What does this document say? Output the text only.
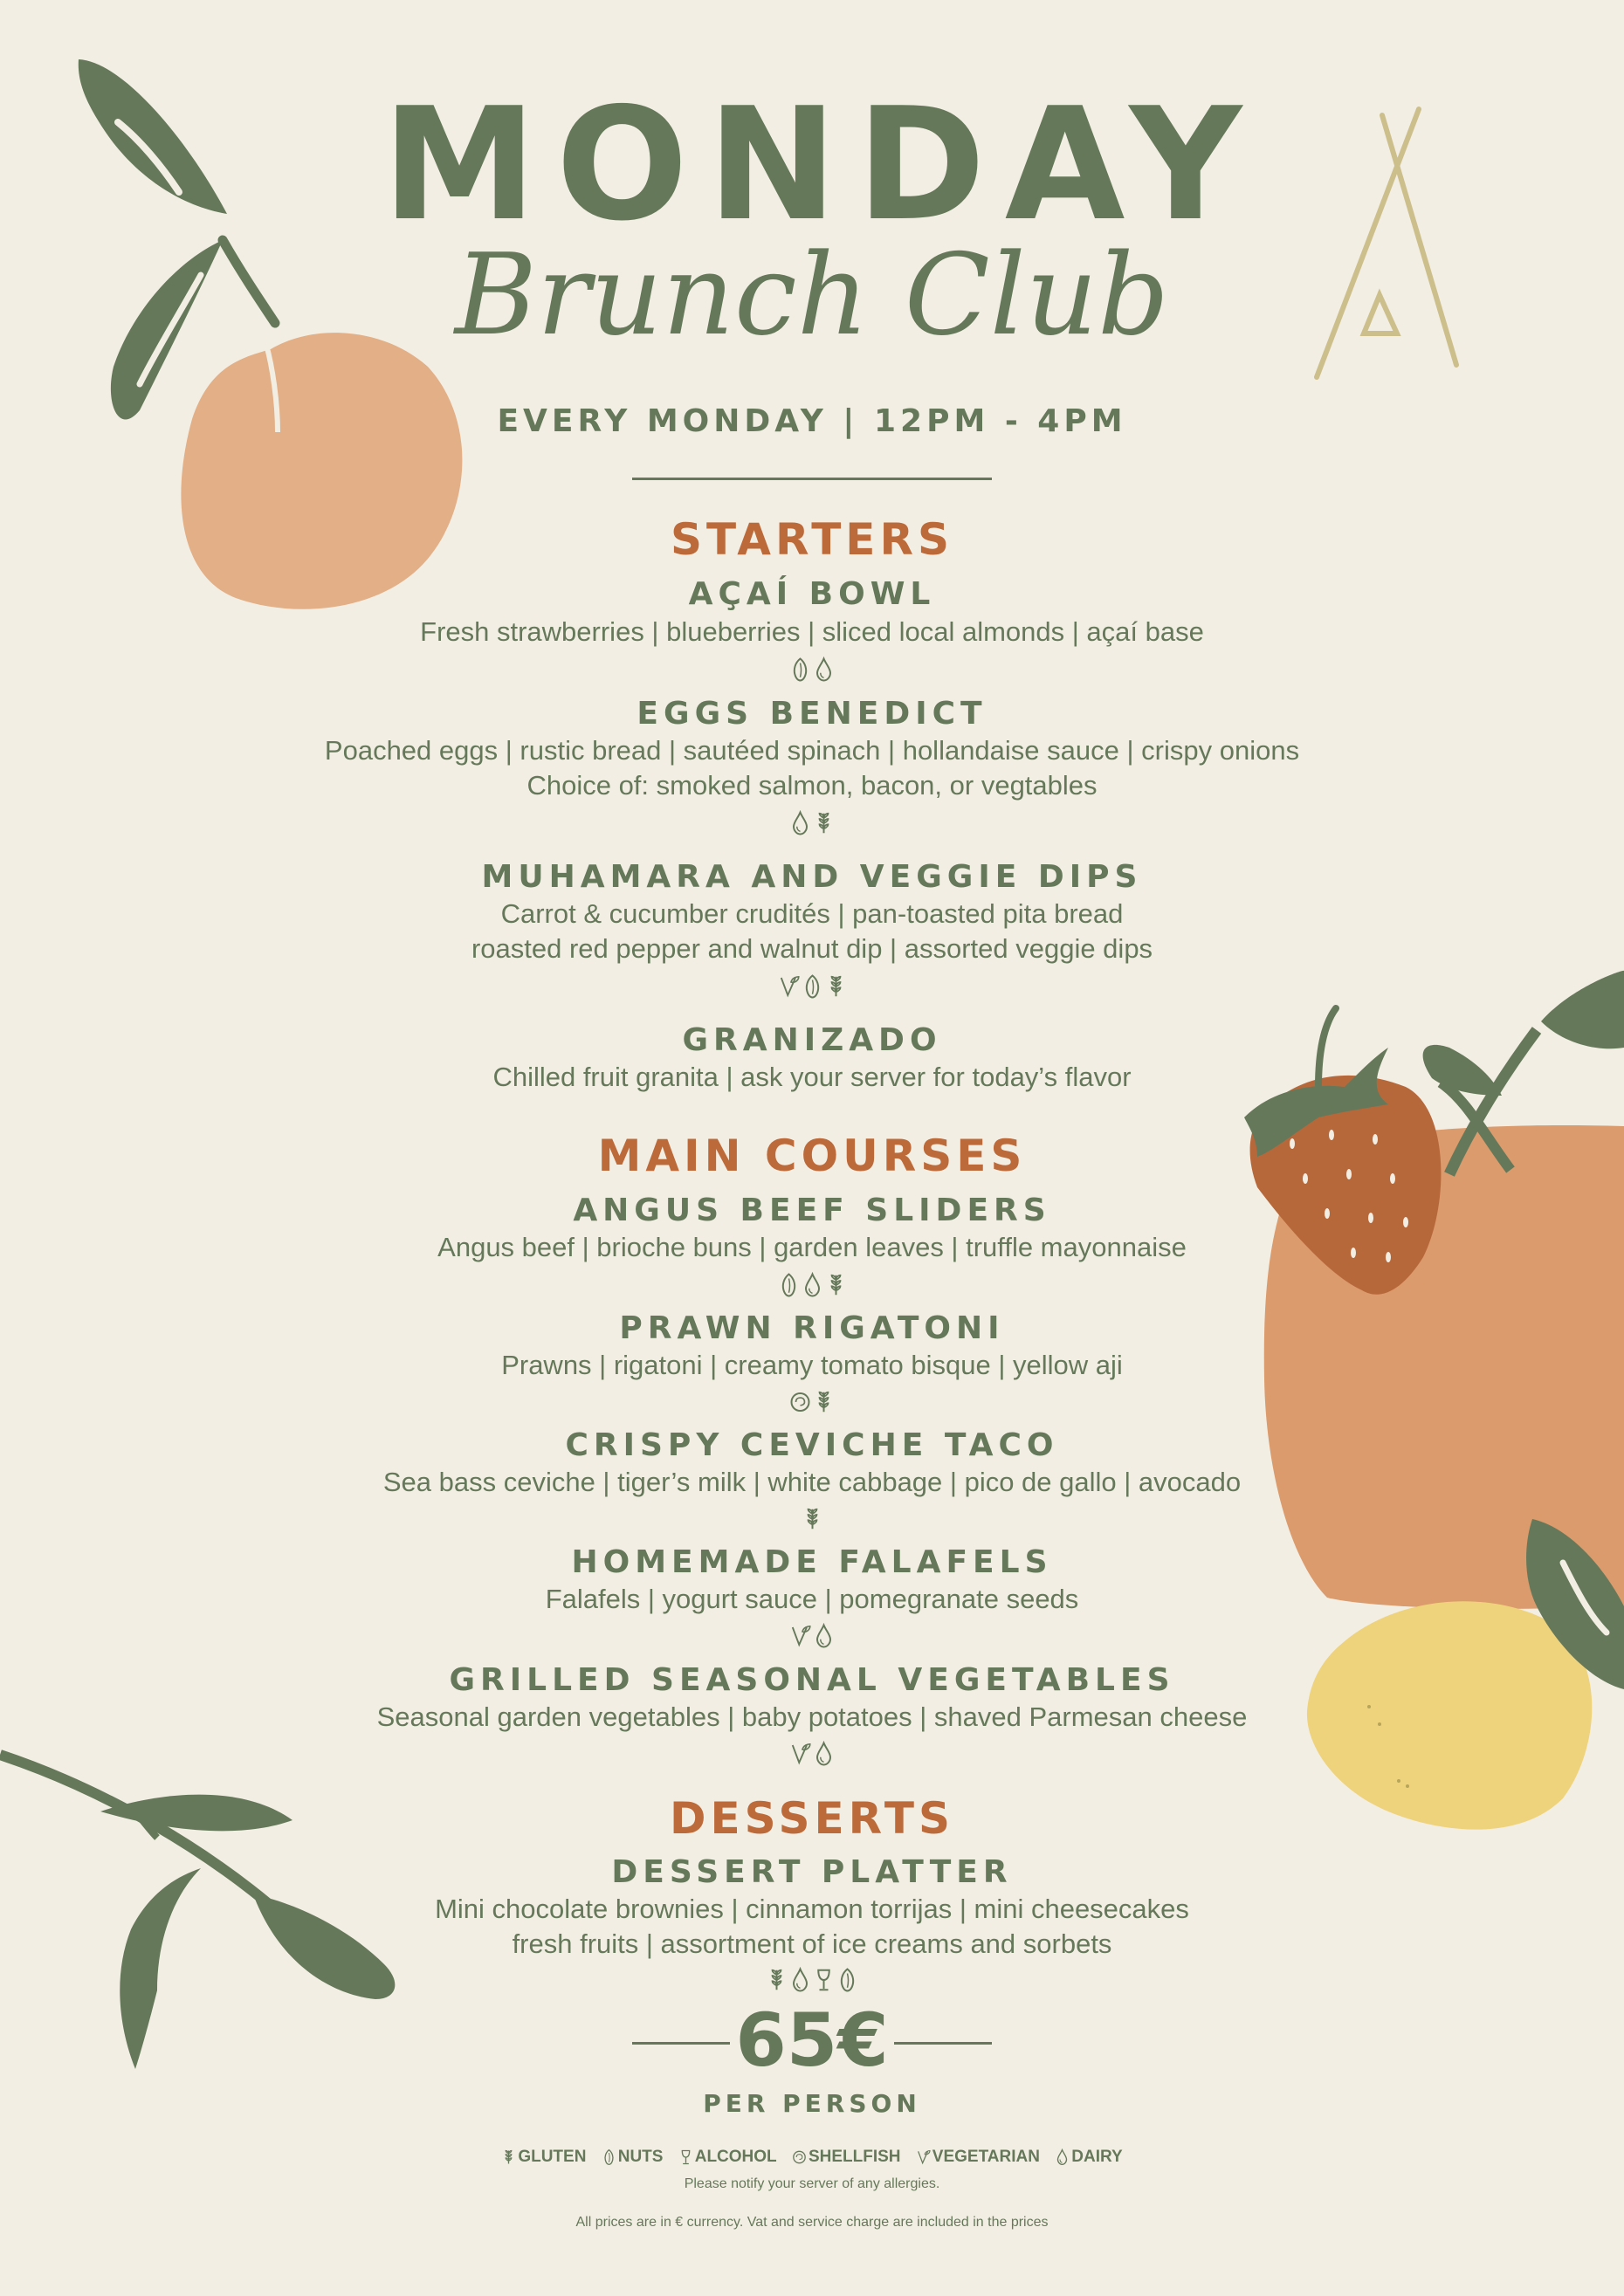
MONDAY
Brunch Club
EVERY MONDAY | 12PM - 4PM
STARTERS
AÇAÍ BOWL
Fresh strawberries | blueberries | sliced local almonds | açaí base
EGGS BENEDICT
Poached eggs | rustic bread | sautéed spinach | hollandaise sauce | crispy onions
Choice of: smoked salmon, bacon, or vegtables
MUHAMARA AND VEGGIE DIPS
Carrot & cucumber crudités | pan-toasted pita bread
roasted red pepper and walnut dip | assorted veggie dips
GRANIZADO
Chilled fruit granita | ask your server for today’s flavor
MAIN COURSES
ANGUS BEEF SLIDERS
Angus beef | brioche buns | garden leaves | truffle mayonnaise
PRAWN RIGATONI
Prawns | rigatoni | creamy tomato bisque | yellow aji
CRISPY CEVICHE TACO
Sea bass ceviche | tiger’s milk | white cabbage | pico de gallo | avocado
HOMEMADE FALAFELS
Falafels | yogurt sauce | pomegranate seeds
GRILLED SEASONAL VEGETABLES
Seasonal garden vegetables | baby potatoes | shaved Parmesan cheese
DESSERTS
DESSERT PLATTER
Mini chocolate brownies | cinnamon torrijas | mini cheesecakes
fresh fruits | assortment of ice creams and sorbets
65€
PER PERSON
GLUTEN NUTS ALCOHOL SHELLFISH VEGETARIAN DAIRY
Please notify your server of any allergies.
All prices are in € currency. Vat and service charge are included in the prices
